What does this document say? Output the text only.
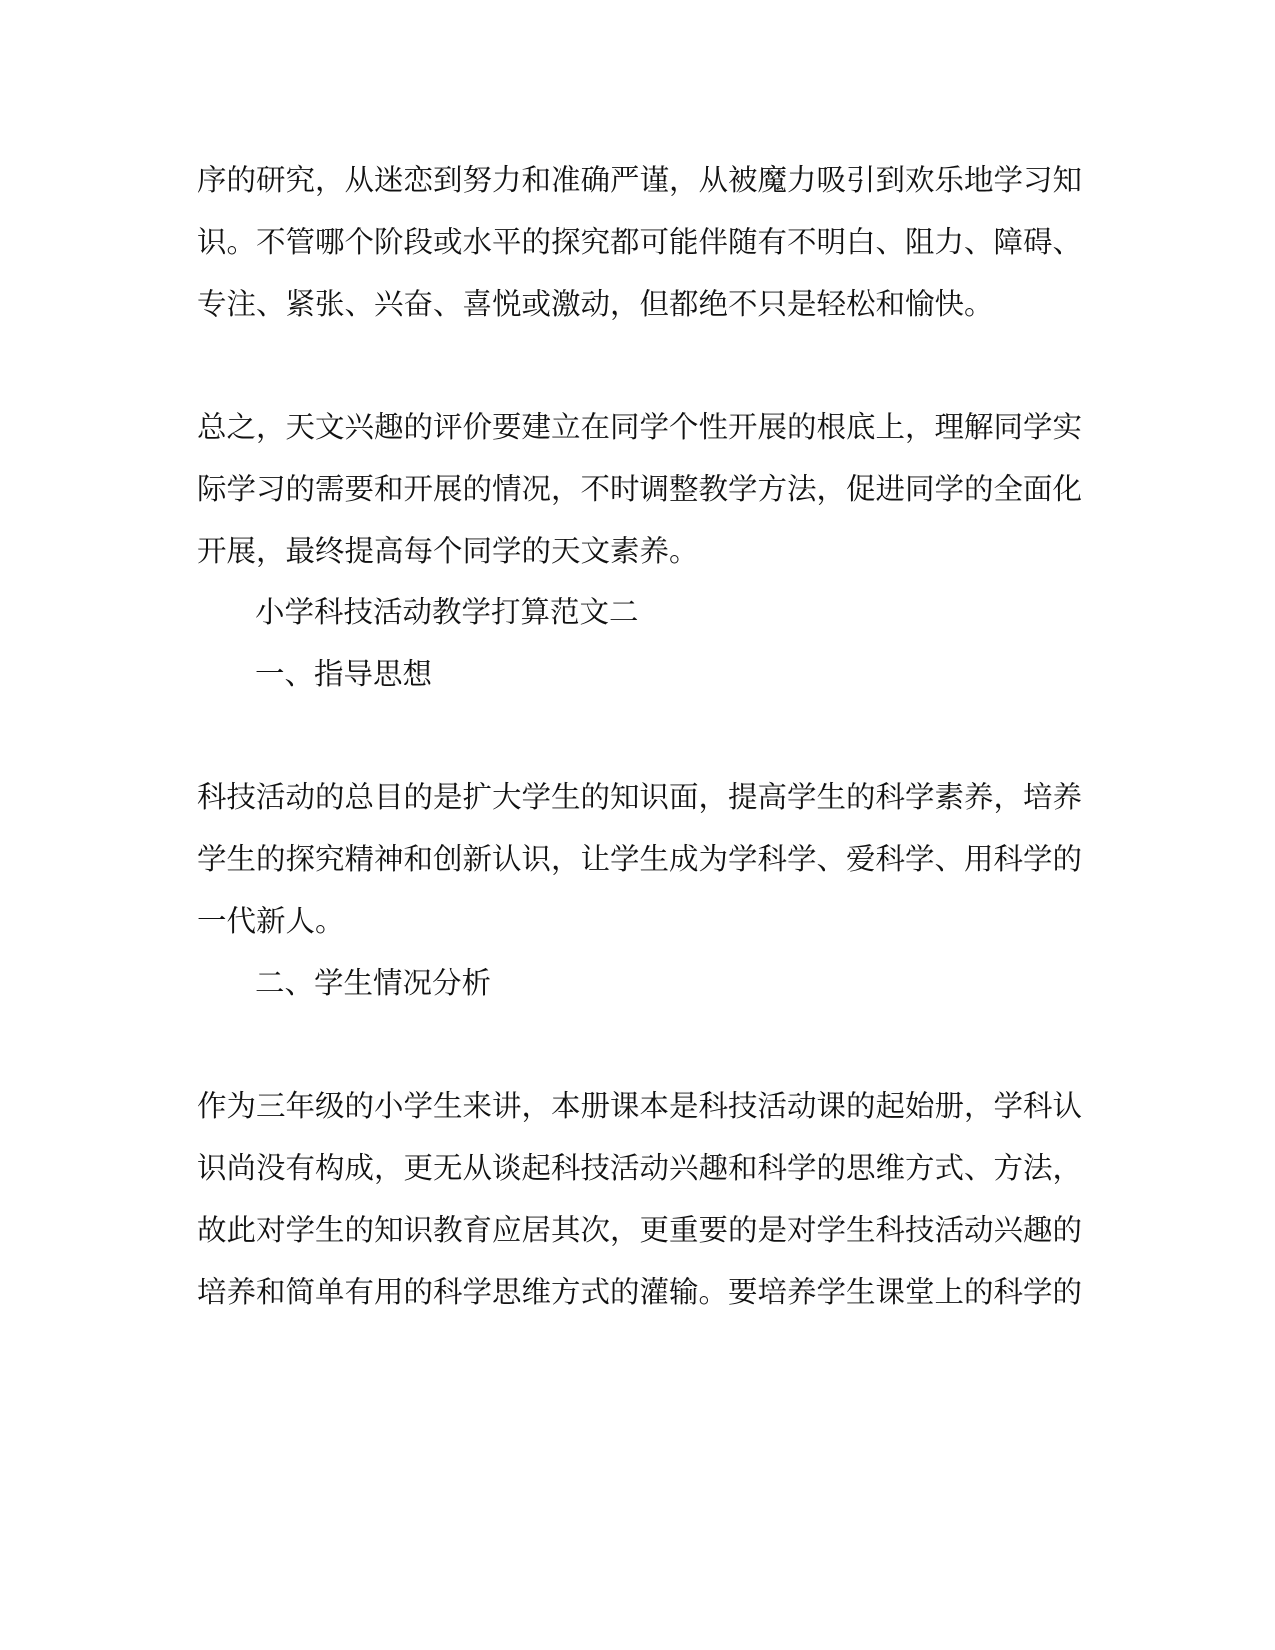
序的研究，从迷恋到努力和准确严谨，从被魔力吸引到欢乐地学习知
识。不管哪个阶段或水平的探究都可能伴随有不明白、阻力、障碍、
专注、紧张、兴奋、喜悦或激动，但都绝不只是轻松和愉快。
总之，天文兴趣的评价要建立在同学个性开展的根底上，理解同学实
际学习的需要和开展的情况，不时调整教学方法，促进同学的全面化
开展，最终提高每个同学的天文素养。
小学科技活动教学打算范文二
一、指导思想
科技活动的总目的是扩大学生的知识面，提高学生的科学素养，培养
学生的探究精神和创新认识，让学生成为学科学、爱科学、用科学的
一代新人。
二、学生情况分析
作为三年级的小学生来讲，本册课本是科技活动课的起始册，学科认
识尚没有构成，更无从谈起科技活动兴趣和科学的思维方式、方法，
故此对学生的知识教育应居其次，更重要的是对学生科技活动兴趣的
培养和简单有用的科学思维方式的灌输。要培养学生课堂上的科学的
